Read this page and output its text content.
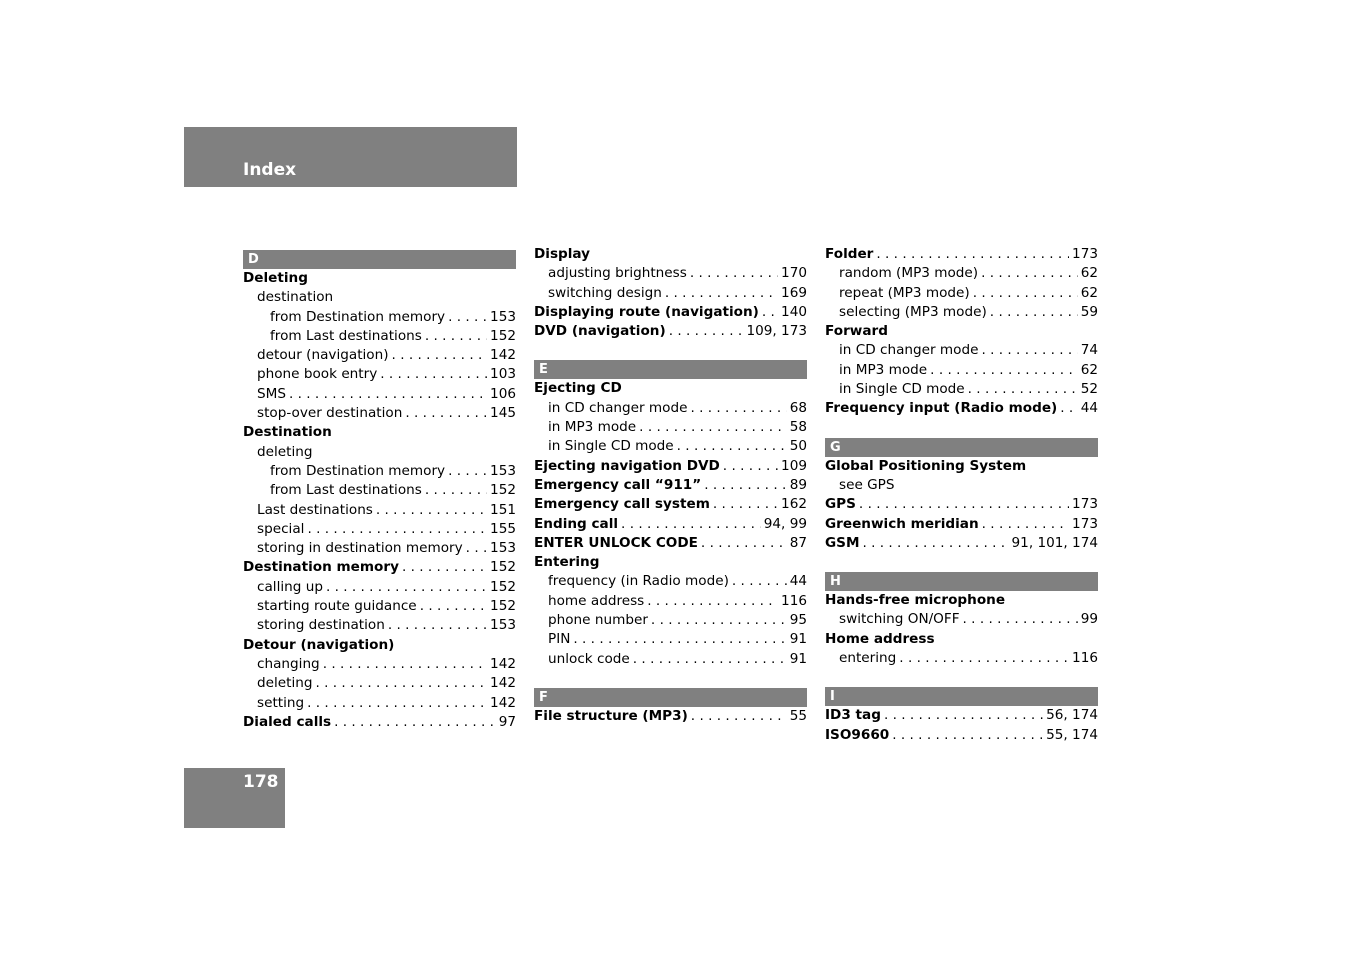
Index
D
Deleting
destination
from Destination memory . . .	153
from Last destinations . . .	152
detour (navigation) . . .	142
phone book entry . . .	103
SMS . . .	106
stop-over destination . . .	145
Destination
deleting
from Destination memory . . .	153
from Last destinations . . .	152
Last destinations . . .	151
special . . .	155
storing in destination memory . . . 153
Destination memory . . .	152
calling up . . .	152
starting route guidance . . .	152
storing destination . . .	153
Detour (navigation)
changing . . .	142
deleting . . .	142
setting . . .	142
Dialed calls . . .	97
Display
adjusting brightness . . .	170
switching design . . .	169
Displaying route (navigation) . . . 140
DVD (navigation) . . .	109, 173
E
Ejecting CD
in CD changer mode . . .	68
in MP3 mode . . .	58
in Single CD mode . . .	50
Ejecting navigation DVD . . .	109
Emergency call “911” . . .	89
Emergency call system . . .	162
Ending call . . .	94, 99
ENTER UNLOCK CODE . . .	87
Entering
frequency (in Radio mode) . . .	44
home address . . .	116
phone number . . .	95
PIN . . .	91
unlock code . . .	91
F
File structure (MP3) . . .	55
Folder . . .	173
random (MP3 mode) . . .	62
repeat (MP3 mode) . . .	62
selecting (MP3 mode) . . .	59
Forward
in CD changer mode . . .	74
in MP3 mode . . .	62
in Single CD mode . . .	52
Frequency input (Radio mode) . . . 44
G
Global Positioning System
see GPS
GPS . . .	173
Greenwich meridian . . .	173
GSM . . .	91, 101, 174
H
Hands-free microphone
switching ON/OFF . . .	99
Home address
entering . . .	116
I
ID3 tag . . .	56, 174
ISO9660 . . .	55, 174
178
